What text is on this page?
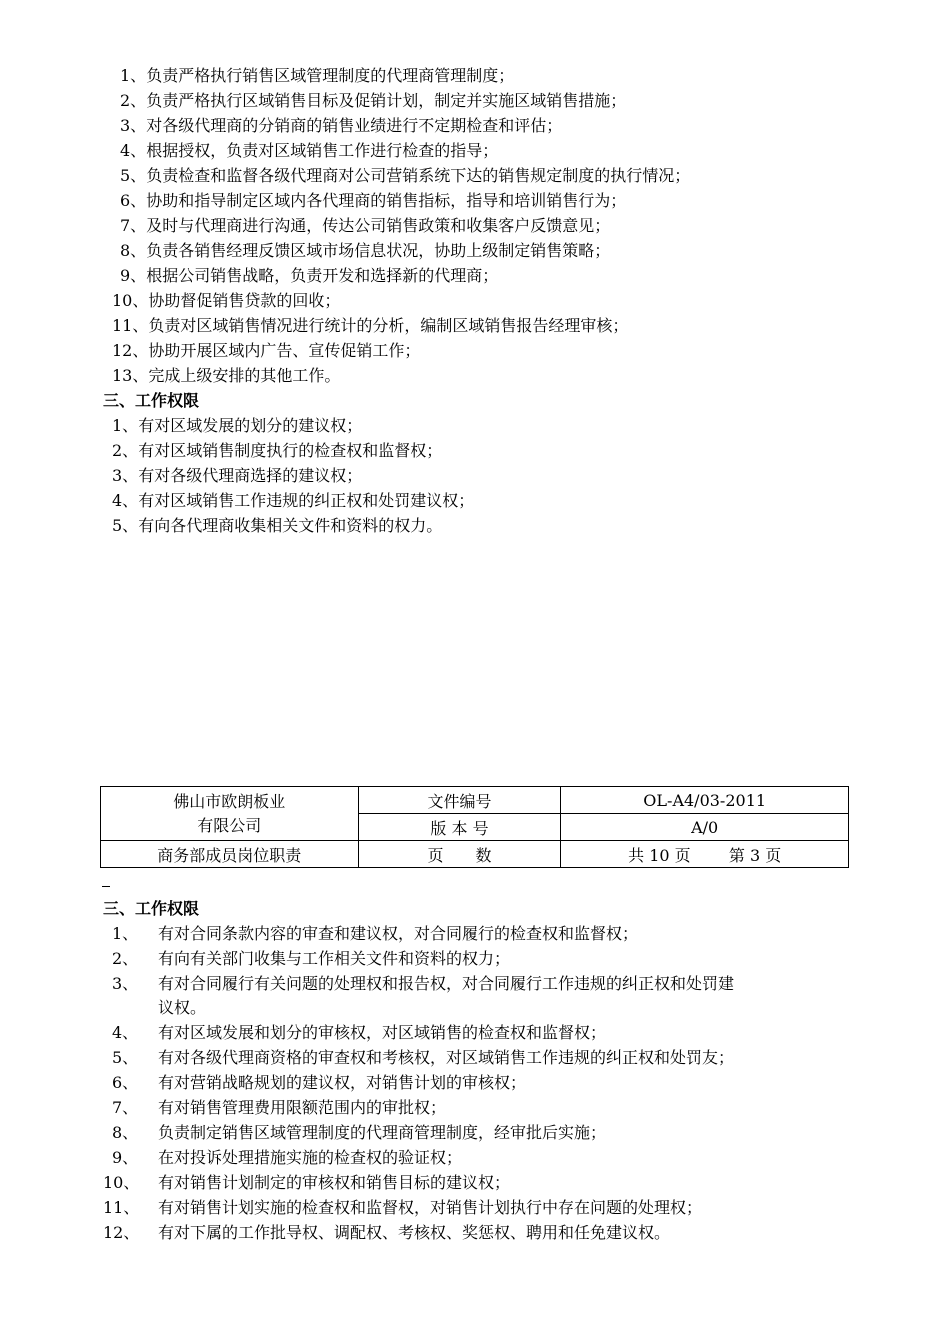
1、负责严格执行销售区域管理制度的代理商管理制度；
2、负责严格执行区域销售目标及促销计划，制定并实施区域销售措施；
3、对各级代理商的分销商的销售业绩进行不定期检查和评估；
4、根据授权，负责对区域销售工作进行检查的指导；
5、负责检查和监督各级代理商对公司营销系统下达的销售规定制度的执行情况；
6、协助和指导制定区域内各代理商的销售指标，指导和培训销售行为；
7、及时与代理商进行沟通，传达公司销售政策和收集客户反馈意见；
8、负责各销售经理反馈区域市场信息状况，协助上级制定销售策略；
9、根据公司销售战略，负责开发和选择新的代理商；
10、协助督促销售贷款的回收；
11、负责对区域销售情况进行统计的分析，编制区域销售报告经理审核；
12、协助开展区域内广告、宣传促销工作；
13、完成上级安排的其他工作。
三、工作权限
1、有对区域发展的划分的建议权；
2、有对区域销售制度执行的检查权和监督权；
3、有对各级代理商选择的建议权；
4、有对区域销售工作违规的纠正权和处罚建议权；
5、有向各代理商收集相关文件和资料的权力。
佛山市欧朗板业
有限公司	文件编号	OL-A4/03-2011
	版 本 号	A/0
商务部成员岗位职责	页　　数	共 10 页 第 3 页
三、工作权限
1、 有对合同条款内容的审查和建议权，对合同履行的检查权和监督权；
2、 有向有关部门收集与工作相关文件和资料的权力；
3、 有对合同履行有关问题的处理权和报告权，对合同履行工作违规的纠正权和处罚建
议权。
4、 有对区域发展和划分的审核权，对区域销售的检查权和监督权；
5、 有对各级代理商资格的审查权和考核权，对区域销售工作违规的纠正权和处罚友；
6、 有对营销战略规划的建议权，对销售计划的审核权；
7、 有对销售管理费用限额范围内的审批权；
8、 负责制定销售区域管理制度的代理商管理制度，经审批后实施；
9、 在对投诉处理措施实施的检查权的验证权；
10、 有对销售计划制定的审核权和销售目标的建议权；
11、 有对销售计划实施的检查权和监督权，对销售计划执行中存在问题的处理权；
12、 有对下属的工作批导权、调配权、考核权、奖惩权、聘用和任免建议权。
